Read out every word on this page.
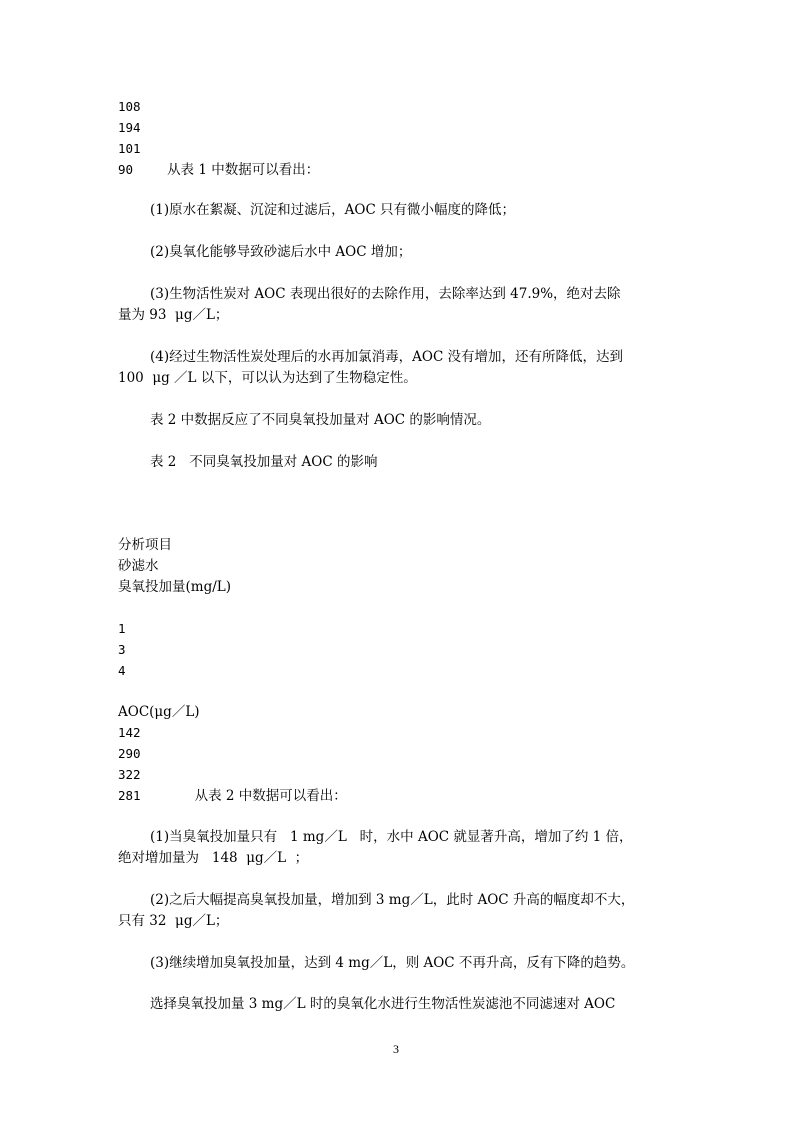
108
194
101
90	从表 1 中数据可以看出：
(1)原水在絮凝、沉淀和过滤后，AOC 只有微小幅度的降低；
(2)臭氧化能够导致砂滤后水中 AOC 增加；
(3)生物活性炭对 AOC 表现出很好的去除作用，去除率达到 47.9%，绝对去除
量为 93  μg／L；
(4)经过生物活性炭处理后的水再加氯消毒，AOC 没有增加，还有所降低，达到
100  μg ／L 以下，可以认为达到了生物稳定性。
表 2 中数据反应了不同臭氧投加量对 AOC 的影响情况。
表 2   不同臭氧投加量对 AOC 的影响
分析项目
砂滤水
臭氧投加量(mg/L)
1
3
4
AOC(μg／L)
142
290
322
281	从表 2 中数据可以看出：
(1)当臭氧投加量只有   1 mg／L   时，水中 AOC 就显著升高，增加了约 1 倍，
绝对增加量为   148  μg／L  ；
(2)之后大幅提高臭氧投加量，增加到 3 mg／L，此时 AOC 升高的幅度却不大，
只有 32  μg／L；
(3)继续增加臭氧投加量，达到 4 mg／L，则 AOC 不再升高，反有下降的趋势。
选择臭氧投加量 3 mg／L 时的臭氧化水进行生物活性炭滤池不同滤速对 AOC
3
